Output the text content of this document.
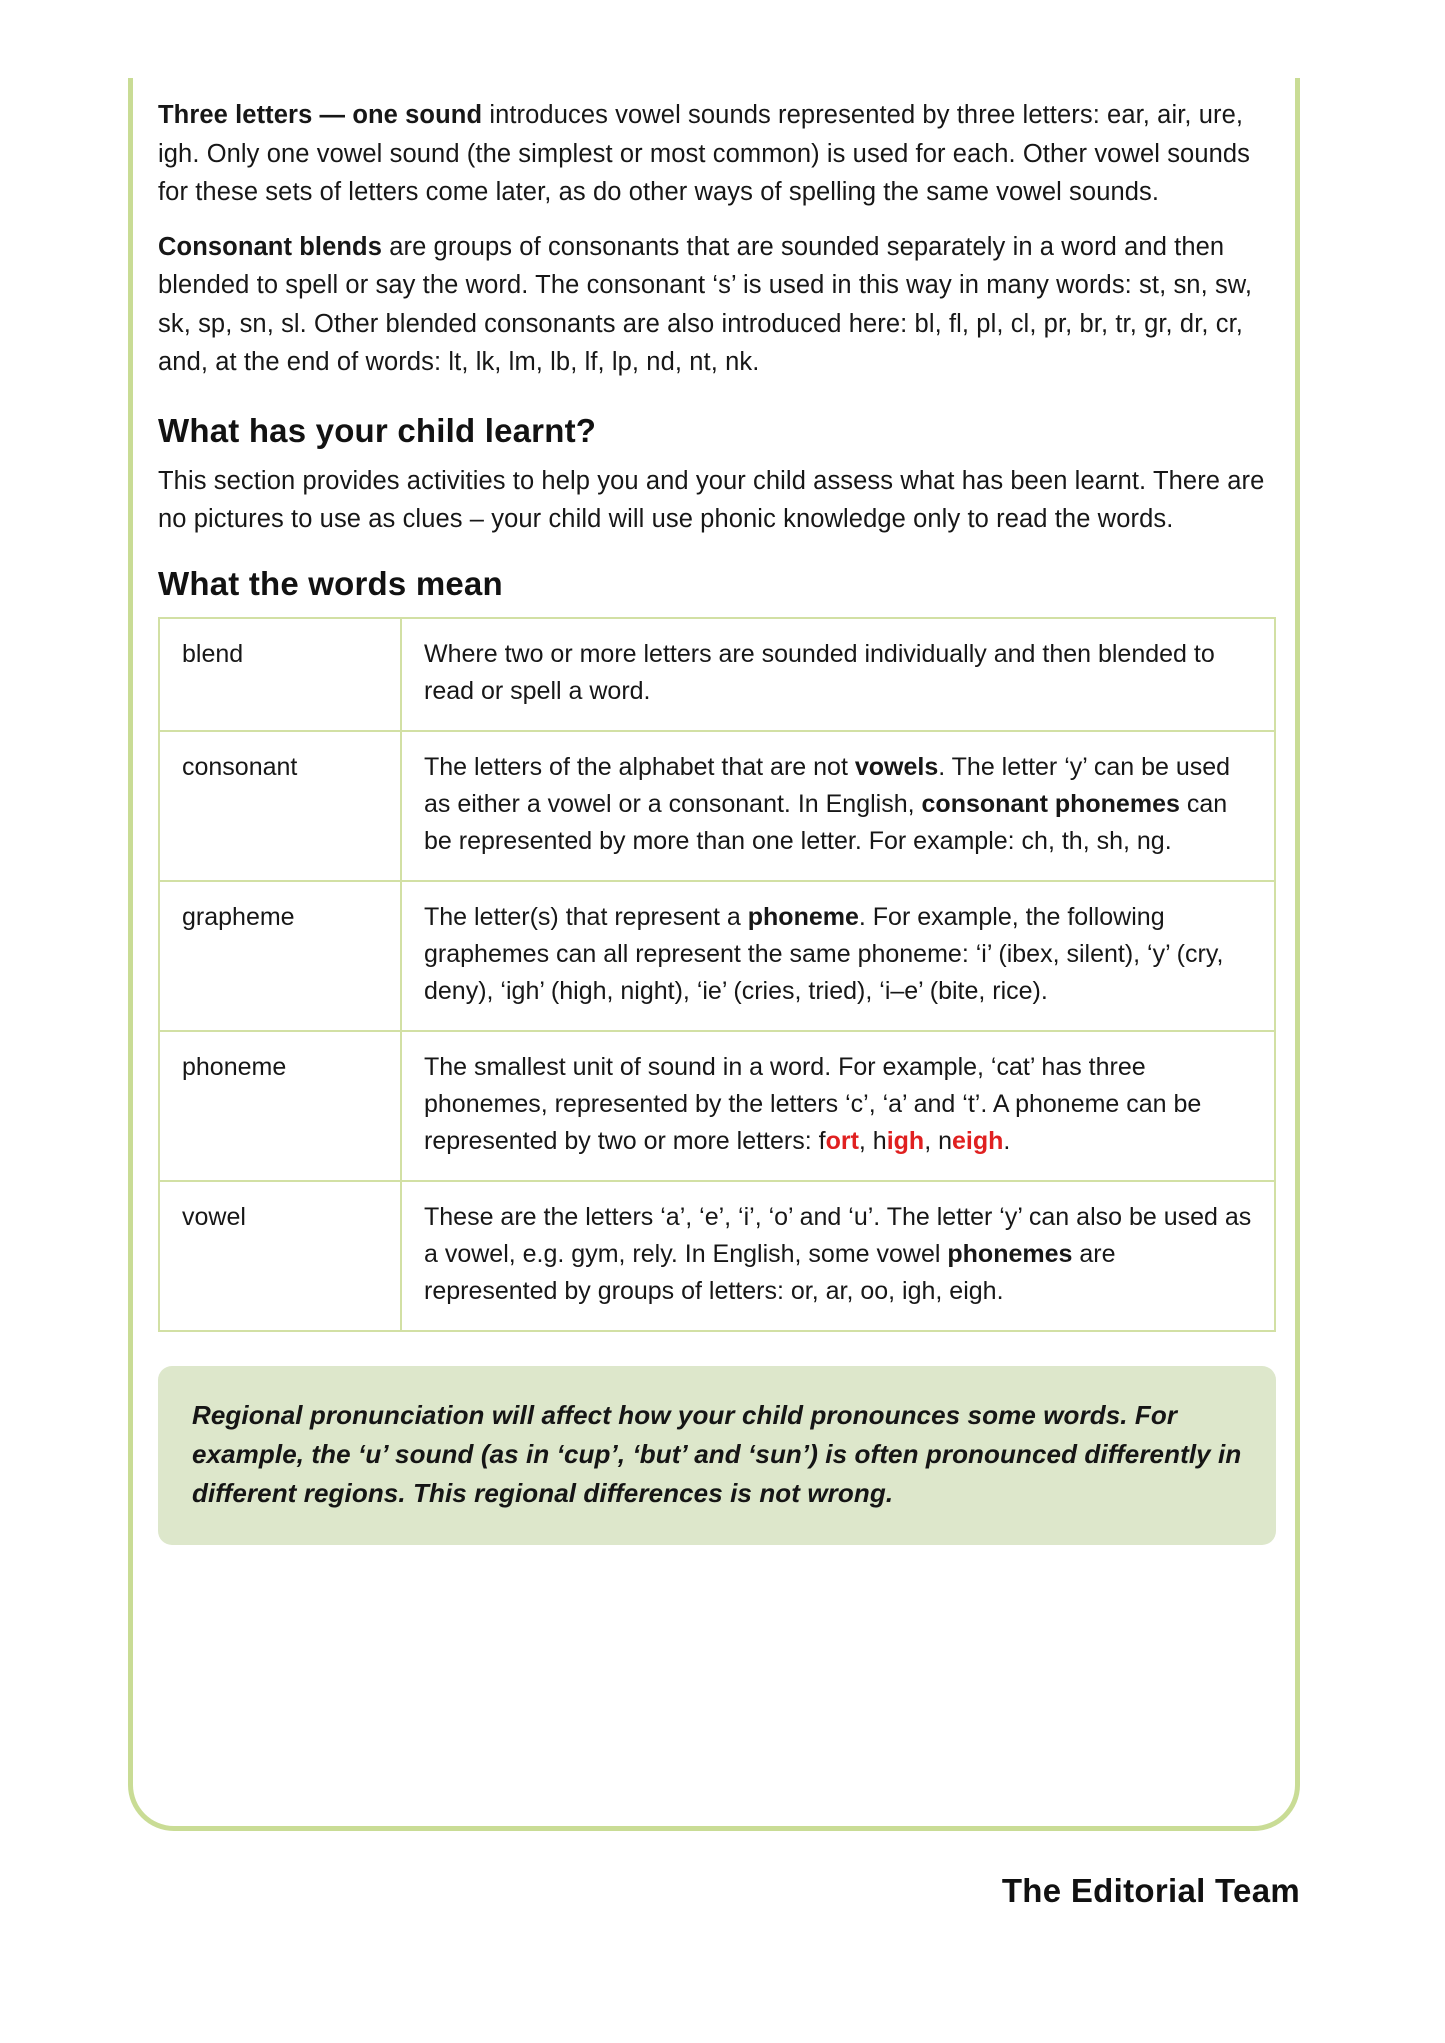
Three letters — one sound introduces vowel sounds represented by three letters: ear, air, ure, igh. Only one vowel sound (the simplest or most common) is used for each. Other vowel sounds for these sets of letters come later, as do other ways of spelling the same vowel sounds.

Consonant blends are groups of consonants that are sounded separately in a word and then blended to spell or say the word. The consonant ‘s’ is used in this way in many words: st, sn, sw, sk, sp, sn, sl. Other blended consonants are also introduced here: bl, fl, pl, cl, pr, br, tr, gr, dr, cr, and, at the end of words: lt, lk, lm, lb, lf, lp, nd, nt, nk.

What has your child learnt?

This section provides activities to help you and your child assess what has been learnt. There are no pictures to use as clues – your child will use phonic knowledge only to read the words.

What the words mean
blend	Where two or more letters are sounded individually and then blended to read or spell a word.
consonant	The letters of the alphabet that are not vowels. The letter ‘y’ can be used as either a vowel or a consonant. In English, consonant phonemes can be represented by more than one letter. For example: ch, th, sh, ng.
grapheme	The letter(s) that represent a phoneme. For example, the following graphemes can all represent the same phoneme: ‘i’ (ibex, silent), ‘y’ (cry, deny), ‘igh’ (high, night), ‘ie’ (cries, tried), ‘i–e’ (bite, rice).
phoneme	The smallest unit of sound in a word. For example, ‘cat’ has three phonemes, represented by the letters ‘c’, ‘a’ and ‘t’. A phoneme can be represented by two or more letters: fort, high, neigh.
vowel	These are the letters ‘a’, ‘e’, ‘i’, ‘o’ and ‘u’. The letter ‘y’ can also be used as a vowel, e.g. gym, rely. In English, some vowel phonemes are represented by groups of letters: or, ar, oo, igh, eigh.

Regional pronunciation will affect how your child pronounces some words. For example, the ‘u’ sound (as in ‘cup’, ‘but’ and ‘sun’) is often pronounced differently in different regions. This regional differences is not wrong.

The Editorial Team
